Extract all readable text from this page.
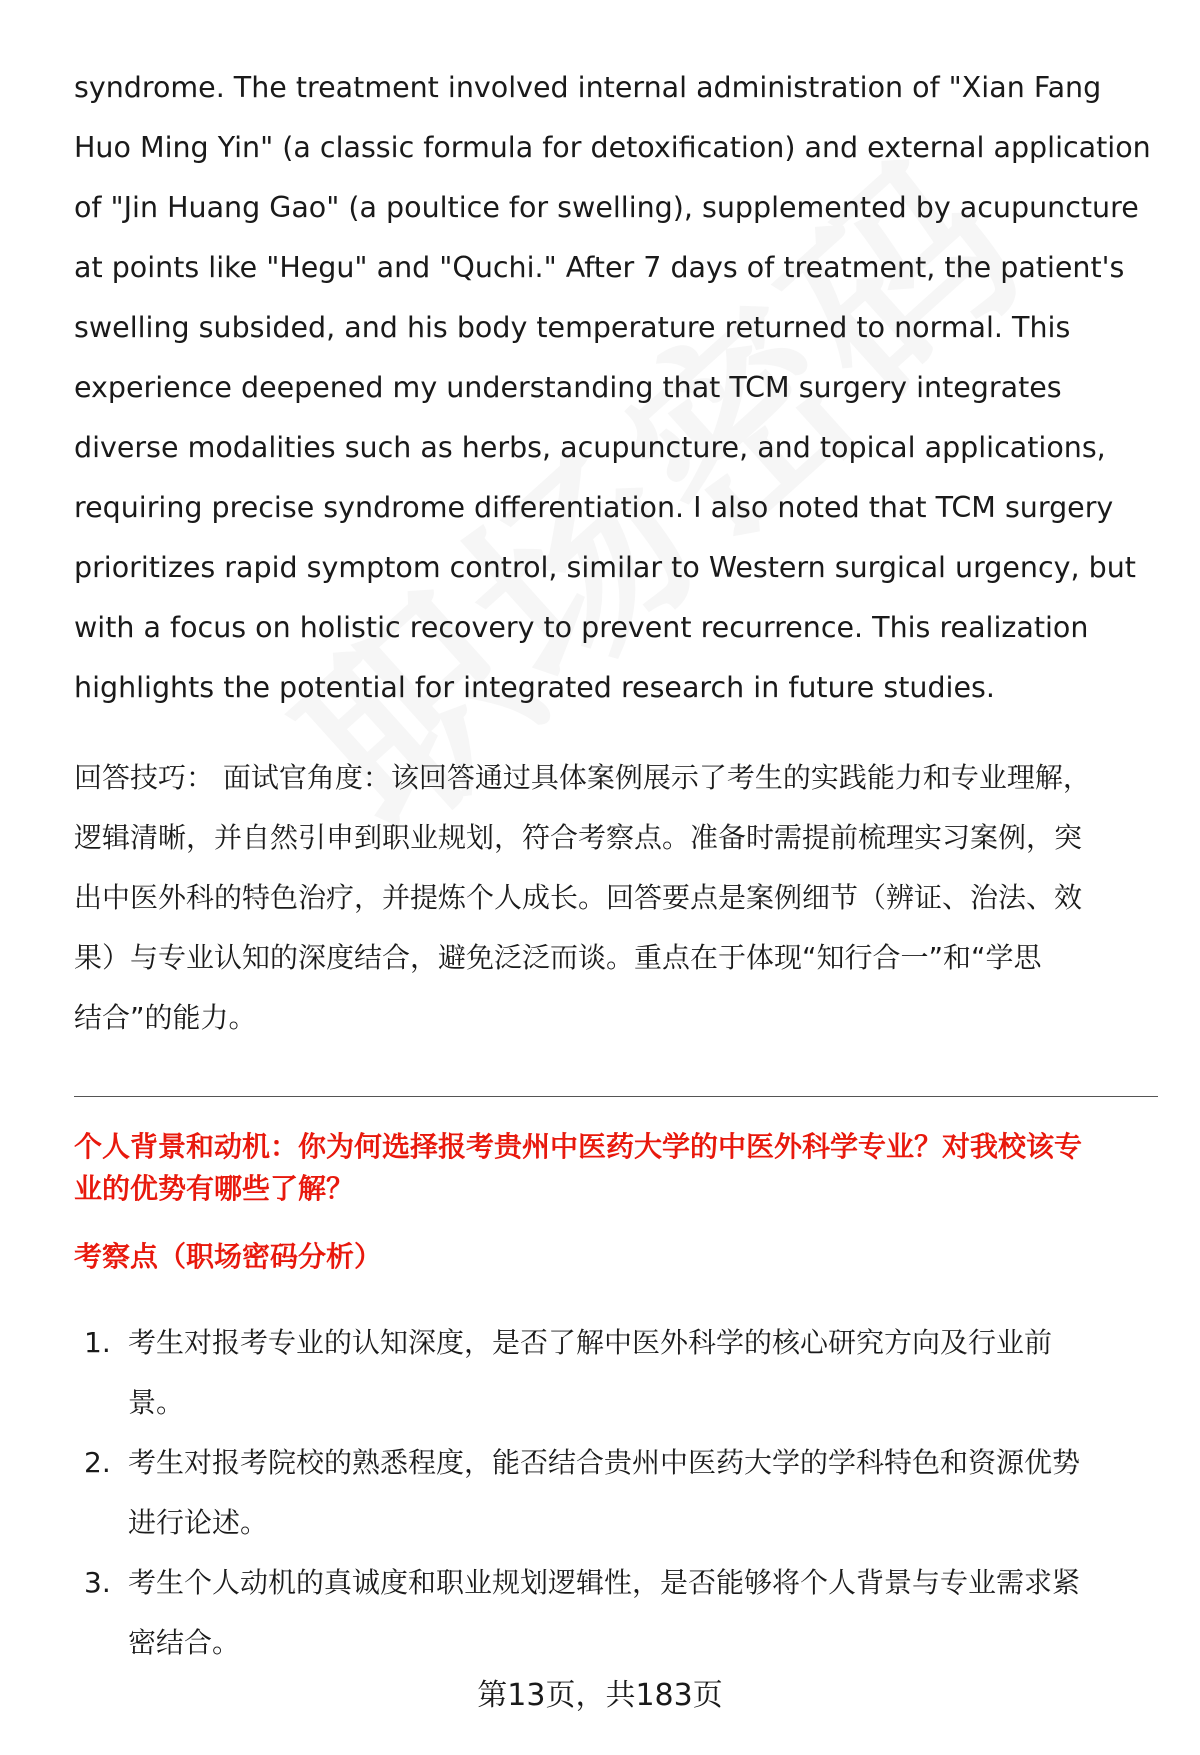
syndrome. The treatment involved internal administration of "Xian Fang
Huo Ming Yin" (a classic formula for detoxification) and external application
of "Jin Huang Gao" (a poultice for swelling), supplemented by acupuncture
at points like "Hegu" and "Quchi." After 7 days of treatment, the patient's
swelling subsided, and his body temperature returned to normal. This
experience deepened my understanding that TCM surgery integrates
diverse modalities such as herbs, acupuncture, and topical applications,
requiring precise syndrome differentiation. I also noted that TCM surgery
prioritizes rapid symptom control, similar to Western surgical urgency, but
with a focus on holistic recovery to prevent recurrence. This realization
highlights the potential for integrated research in future studies.
回答技巧： 面试官角度：该回答通过具体案例展示了考生的实践能力和专业理解，
逻辑清晰，并自然引申到职业规划，符合考察点。准备时需提前梳理实习案例，突
出中医外科的特色治疗，并提炼个人成长。回答要点是案例细节（辨证、治法、效
果）与专业认知的深度结合，避免泛泛而谈。重点在于体现“知行合一”和“学思
结合”的能力。
个人背景和动机：你为何选择报考贵州中医药大学的中医外科学专业？对我校该专
业的优势有哪些了解？
考察点（职场密码分析）
1. 考生对报考专业的认知深度，是否了解中医外科学的核心研究方向及行业前
景。
2. 考生对报考院校的熟悉程度，能否结合贵州中医药大学的学科特色和资源优势
进行论述。
3. 考生个人动机的真诚度和职业规划逻辑性，是否能够将个人背景与专业需求紧
密结合。
第13页，共183页
